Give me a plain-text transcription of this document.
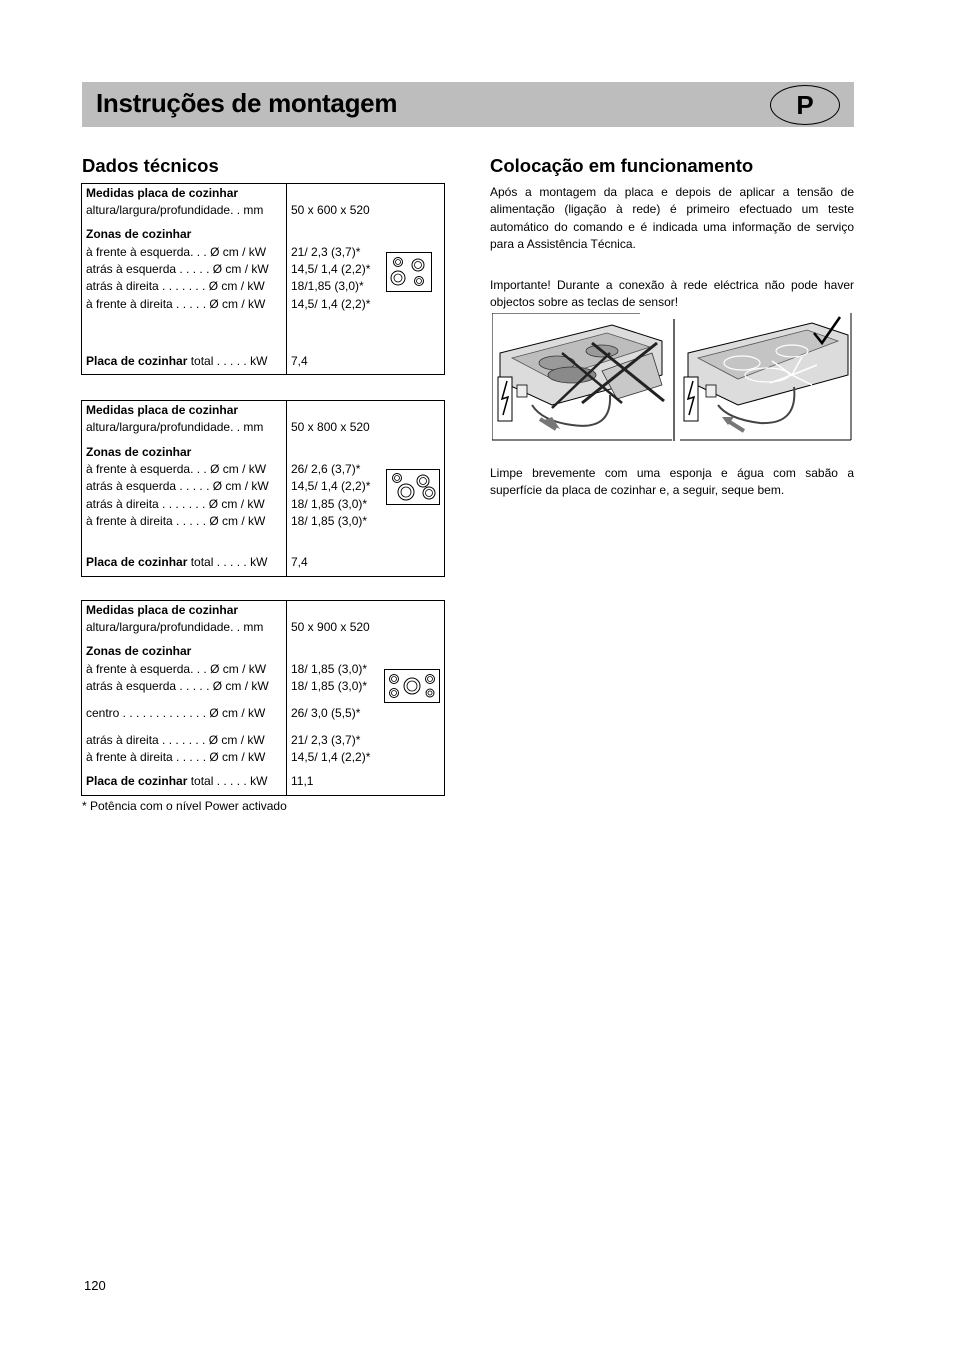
Instruções de montagem	P
Dados técnicos
Medidas placa de cozinhar
altura/largura/profundidade. . mm 50 x 600 x 520
Zonas de cozinhar
à frente à esquerda. . . Ø cm / kW 21/ 2,3 (3,7)*
atrás à esquerda . . . . . Ø cm / kW 14,5/ 1,4 (2,2)*
atrás à direita . . . . . . . Ø cm / kW 18/1,85 (3,0)*
à frente à direita . . . . . Ø cm / kW 14,5/ 1,4 (2,2)*
Placa de cozinhar total . . . . . kW 7,4
Medidas placa de cozinhar
altura/largura/profundidade. . mm 50 x 800 x 520
Zonas de cozinhar
à frente à esquerda. . . Ø cm / kW 26/ 2,6 (3,7)*
atrás à esquerda . . . . . Ø cm / kW 14,5/ 1,4 (2,2)*
atrás à direita . . . . . . . Ø cm / kW 18/ 1,85 (3,0)*
à frente à direita . . . . . Ø cm / kW 18/ 1,85 (3,0)*
Placa de cozinhar total . . . . . kW 7,4
Medidas placa de cozinhar
altura/largura/profundidade. . mm 50 x 900 x 520
Zonas de cozinhar
à frente à esquerda. . . Ø cm / kW 18/ 1,85 (3,0)*
atrás à esquerda . . . . . Ø cm / kW 18/ 1,85 (3,0)*
centro . . . . . . . . . . . . . Ø cm / kW 26/ 3,0 (5,5)*
atrás à direita . . . . . . . Ø cm / kW 21/ 2,3 (3,7)*
à frente à direita . . . . . Ø cm / kW 14,5/ 1,4 (2,2)*
Placa de cozinhar total . . . . . kW 11,1
* Potência com o nível Power activado
Colocação em funcionamento
Após a montagem da placa e depois de aplicar a tensão de alimentação (ligação à rede) é primeiro efectuado um teste automático do comando e é indicada uma informação de serviço para a Assistência Técnica.
Importante! Durante a conexão à rede eléctrica não pode haver objectos sobre as teclas de sensor!
Limpe brevemente com uma esponja e água com sabão a superfície da placa de cozinhar e, a seguir, seque bem.
120
